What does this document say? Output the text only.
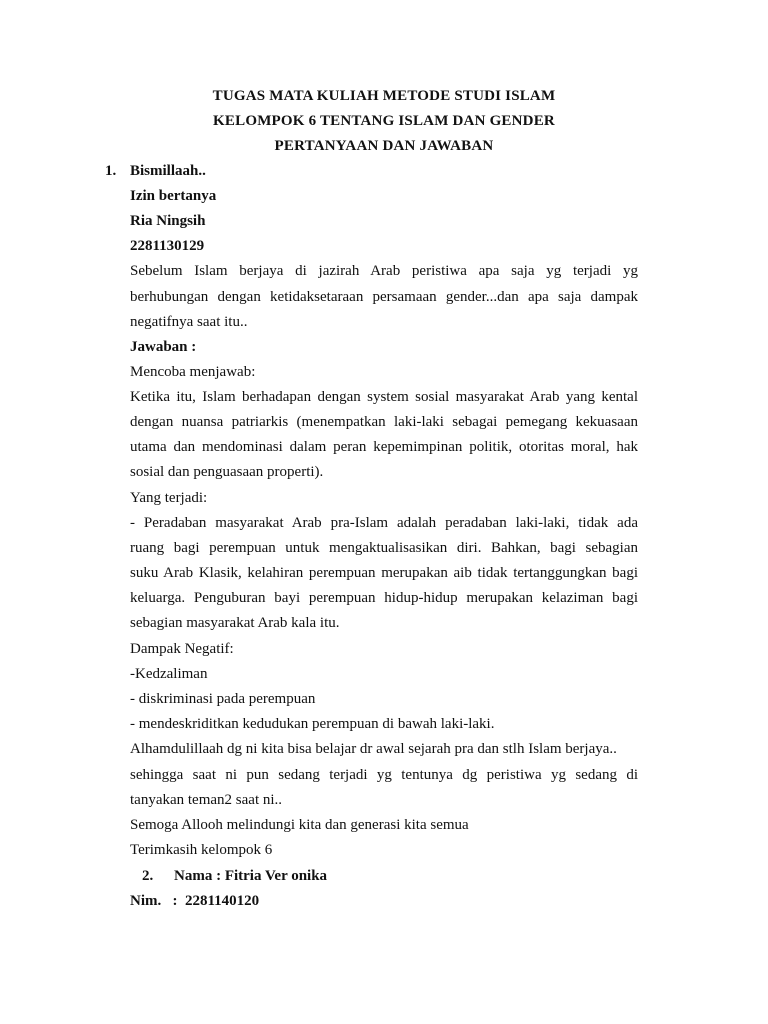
TUGAS MATA KULIAH METODE STUDI ISLAM
KELOMPOK 6 TENTANG ISLAM DAN GENDER
PERTANYAAN DAN JAWABAN
1. Bismillaah..
Izin bertanya
Ria Ningsih
2281130129
Sebelum Islam berjaya di jazirah Arab peristiwa apa saja yg terjadi yg
berhubungan dengan ketidaksetaraan persamaan gender...dan apa saja dampak
negatifnya saat itu..
Jawaban :
Mencoba menjawab:
Ketika itu, Islam berhadapan dengan system sosial masyarakat Arab yang kental
dengan nuansa patriarkis (menempatkan laki-laki sebagai pemegang kekuasaan
utama dan mendominasi dalam peran kepemimpinan politik, otoritas moral, hak
sosial dan penguasaan properti).
Yang terjadi:
- Peradaban masyarakat Arab pra-Islam adalah peradaban laki-laki, tidak ada
ruang bagi perempuan untuk mengaktualisasikan diri. Bahkan, bagi sebagian
suku Arab Klasik, kelahiran perempuan merupakan aib tidak tertanggungkan bagi
keluarga. Penguburan bayi perempuan hidup-hidup merupakan kelaziman bagi
sebagian masyarakat Arab kala itu.
Dampak Negatif:
-Kedzaliman
- diskriminasi pada perempuan
- mendeskriditkan kedudukan perempuan di bawah laki-laki.
Alhamdulillaah dg ni kita bisa belajar dr awal sejarah pra dan stlh Islam berjaya..
sehingga saat ni pun sedang terjadi yg tentunya dg peristiwa yg sedang di
tanyakan teman2 saat ni..
Semoga Allooh melindungi kita dan generasi kita semua
Terimkasih kelompok 6
2. Nama : Fitria Ver onika
Nim.   :  2281140120
